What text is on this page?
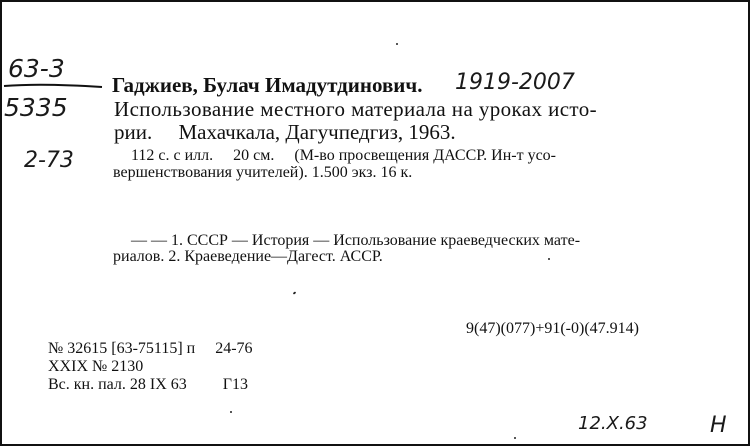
63-3
5335
2-73
Гаджиев, Булач Имадутдинович. 1919-2007
Использование местного материала на уроках исто-
рии.     Махачкала, Дагучпедгиз, 1963.
112 с. с илл.     20 см.     (М-во просвещения ДАССР. Ин-т усо-
вершенствования учителей). 1.500 экз. 16 к.
— — 1. СССР — История — Использование краеведческих мате-
риалов. 2. Краеведение—Дагест. АССР.
9(47)(077)+91(-0)(47.914)
№ 32615 [63-75115] п     24-76
XXIX № 2130
Вс. кн. пал. 28 IX 63         Г13
12.X.63	Н
